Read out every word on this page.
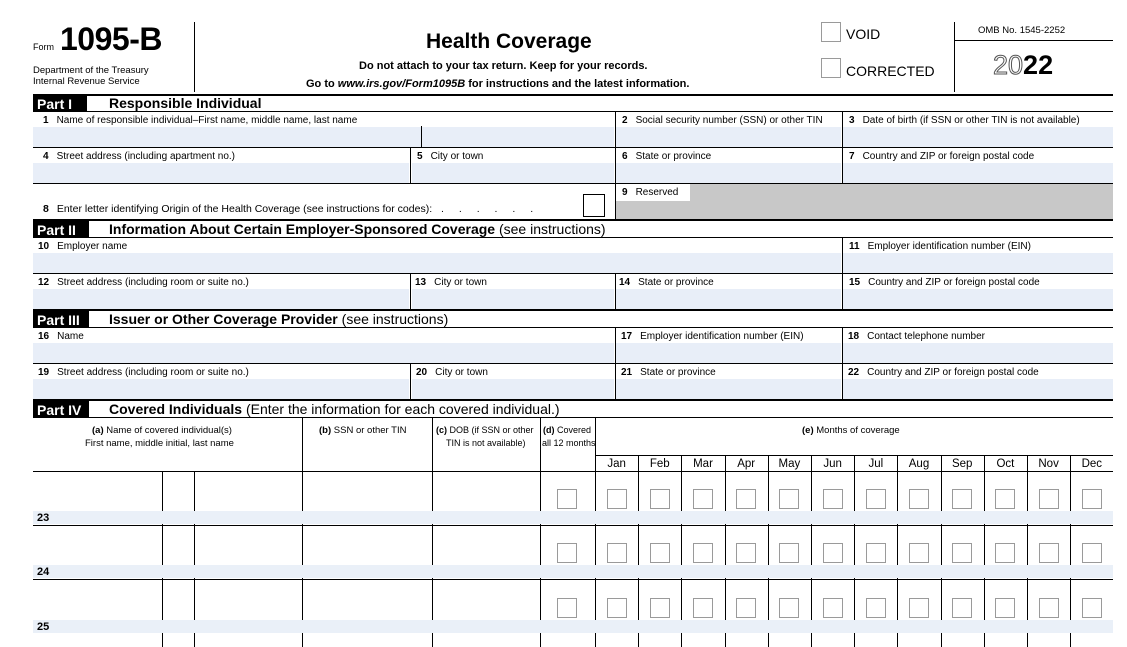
Form 1095-B
Department of the Treasury
Internal Revenue Service
Health Coverage
Do not attach to your tax return. Keep for your records.
Go to www.irs.gov/Form1095B for instructions and the latest information.
VOID
CORRECTED
OMB No. 1545-2252
2022
Part I	Responsible Individual
1 Name of responsible individual–First name, middle name, last name	2 Social security number (SSN) or other TIN	3 Date of birth (if SSN or other TIN is not available)
4 Street address (including apartment no.)	5 City or town	6 State or province	7 Country and ZIP or foreign postal code
8 Enter letter identifying Origin of the Health Coverage (see instructions for codes): . . . . . .
9 Reserved
Part II	Information About Certain Employer-Sponsored Coverage (see instructions)
10 Employer name	11 Employer identification number (EIN)
12 Street address (including room or suite no.)	13 City or town	14 State or province	15 Country and ZIP or foreign postal code
Part III	Issuer or Other Coverage Provider (see instructions)
16 Name	17 Employer identification number (EIN)	18 Contact telephone number
19 Street address (including room or suite no.)	20 City or town	21 State or province	22 Country and ZIP or foreign postal code
Part IV	Covered Individuals (Enter the information for each covered individual.)
(a) Name of covered individual(s)
First name, middle initial, last name
(b) SSN or other TIN	(c) DOB (if SSN or other
TIN is not available)
(d) Covered
all 12 months
(e) Months of coverage
Jan Feb Mar Apr May Jun Jul Aug Sep Oct Nov Dec
23
24
25
